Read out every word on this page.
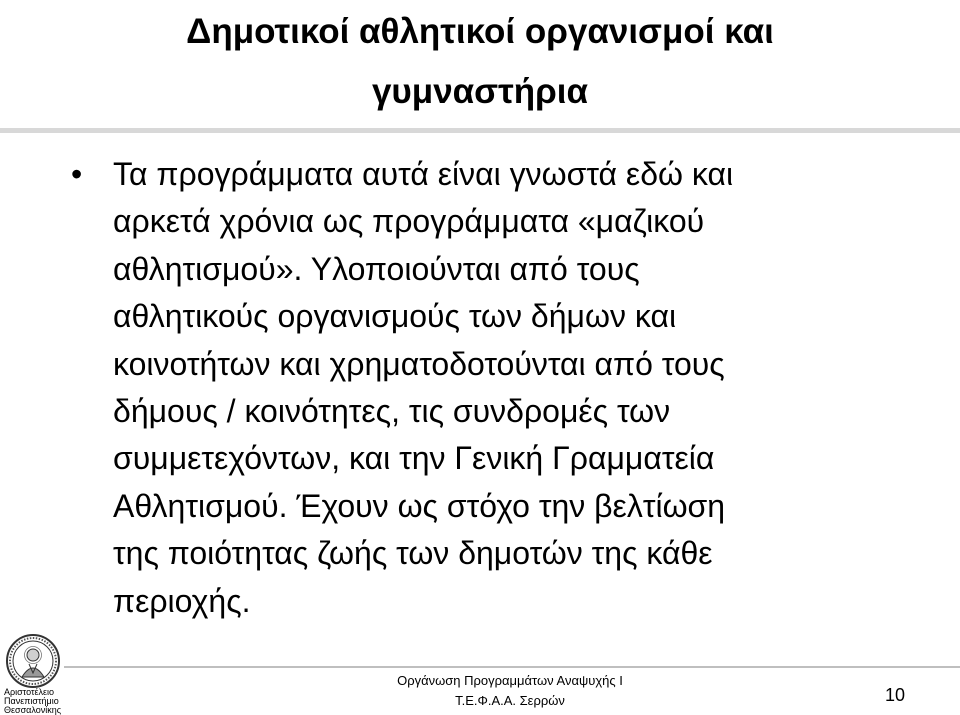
Δημοτικοί αθλητικοί οργανισμοί και
γυμναστήρια
• Τα προγράμματα αυτά είναι γνωστά εδώ και
αρκετά χρόνια ως προγράμματα «μαζικού
αθλητισμού». Υλοποιούνται από τους
αθλητικούς οργανισμούς των δήμων και
κοινοτήτων και χρηματοδοτούνται από τους
δήμους / κοινότητες, τις συνδρομές των
συμμετεχόντων, και την Γενική Γραμματεία
Αθλητισμού. Έχουν ως στόχο την βελτίωση
της ποιότητας ζωής των δημοτών της κάθε
περιοχής.

Αριστοτέλειο
Πανεπιστήμιο
Θεσσαλονίκης
Οργάνωση Προγραμμάτων Αναψυχής Ι
Τ.Ε.Φ.Α.Α. Σερρών	10
